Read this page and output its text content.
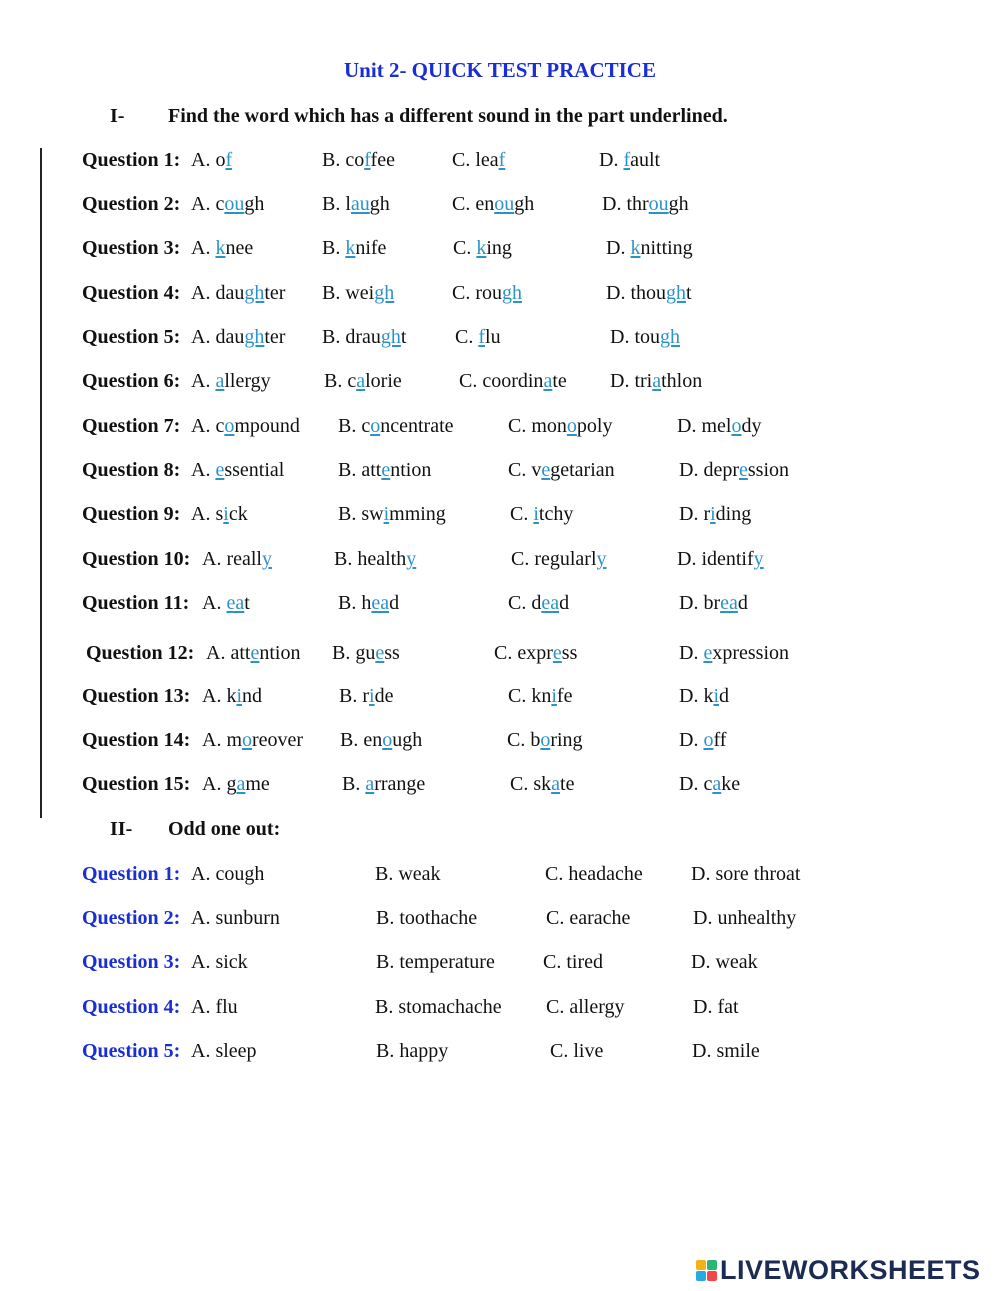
Unit 2- QUICK TEST PRACTICE
I- Find the word which has a different sound in the part underlined.
Question 1: A. of	B. coffee	C. leaf	D. fault
Question 2: A. cough	B. laugh	C. enough	D. through
Question 3: A. knee	B. knife	C. king	D. knitting
Question 4: A. daughter B. weigh	C. rough	D. thought
Question 5: A. daughter B. draught C. flu	D. tough
Question 6: A. allergy	B. calorie	C. coordinate D. triathlon
Question 7: A. compound B. concentrate	C. monopoly	D. melody
Question 8: A. essential	B. attention	C. vegetarian	D. depression
Question 9: A. sick	B. swimming	C. itchy	D. riding
Question 10: A. really	B. healthy	C. regularly	D. identify
Question 11: A. eat	B. head	C. dead	D. bread
Question 12: A. attention B. guess	C. express	D. expression
Question 13: A. kind	B. ride	C. knife	D. kid
Question 14: A. moreover B. enough	C. boring	D. off
Question 15: A. game	B. arrange	C. skate	D. cake
II- Odd one out:
Question 1: A. cough	B. weak	C. headache D. sore throat
Question 2: A. sunburn	B. toothache	C. earache	D. unhealthy
Question 3: A. sick	B. temperature C. tired	D. weak
Question 4: A. flu	B. stomachache C. allergy	D. fat
Question 5: A. sleep	B. happy	C. live	D. smile
LIVEWORKSHEETS
